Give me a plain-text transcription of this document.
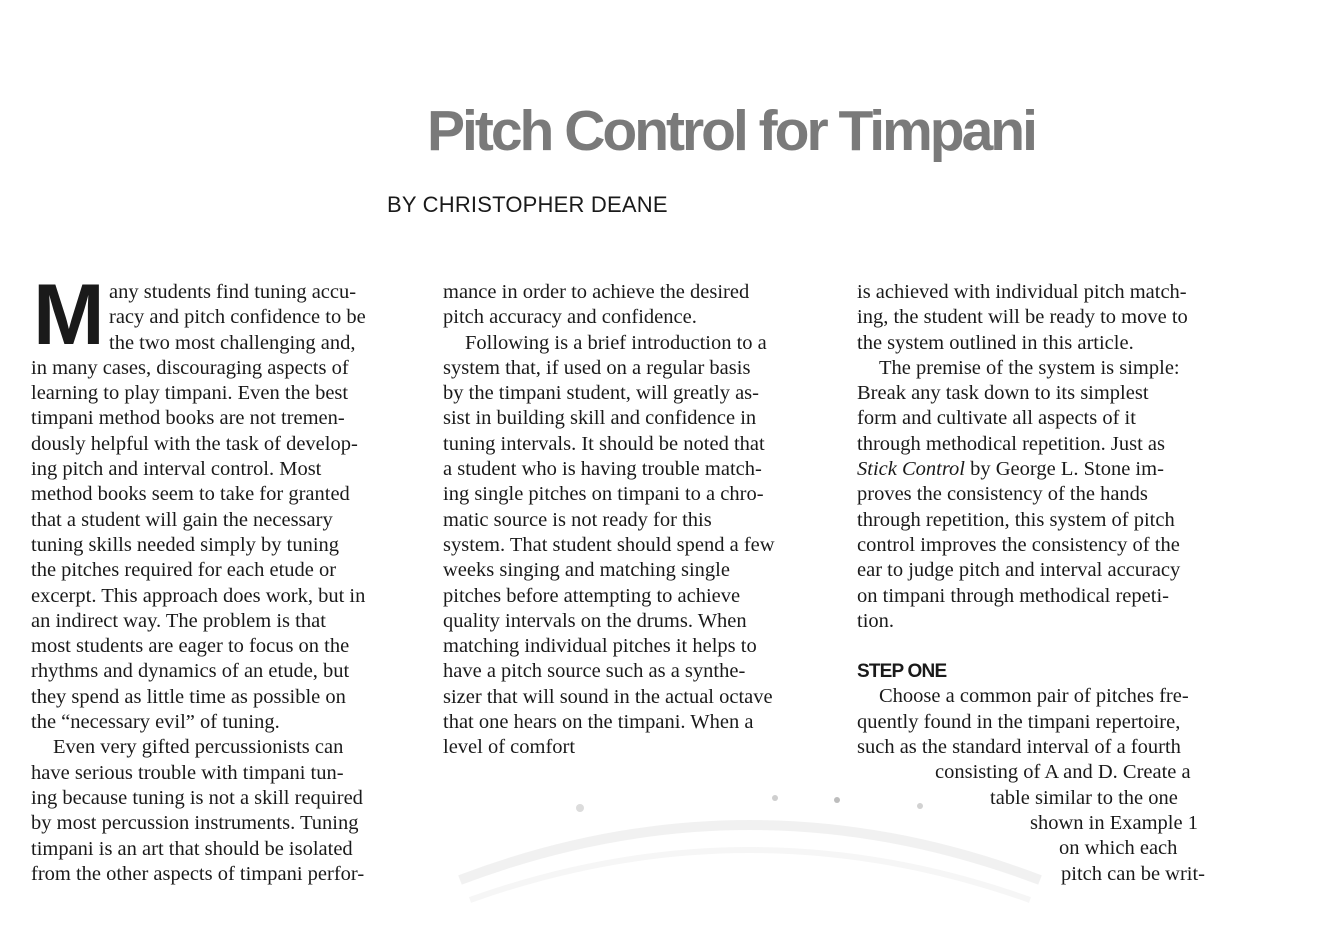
Pitch Control for Timpani
BY CHRISTOPHER DEANE
M any students find tuning accu-
racy and pitch confidence to be
the two most challenging and,
in many cases, discouraging aspects of
learning to play timpani. Even the best
timpani method books are not tremen-
dously helpful with the task of develop-
ing pitch and interval control. Most
method books seem to take for granted
that a student will gain the necessary
tuning skills needed simply by tuning
the pitches required for each etude or
excerpt. This approach does work, but in
an indirect way. The problem is that
most students are eager to focus on the
rhythms and dynamics of an etude, but
they spend as little time as possible on
the “necessary evil” of tuning.
Even very gifted percussionists can
have serious trouble with timpani tun-
ing because tuning is not a skill required
by most percussion instruments. Tuning
timpani is an art that should be isolated
from the other aspects of timpani perfor-
mance in order to achieve the desired
pitch accuracy and confidence.
Following is a brief introduction to a
system that, if used on a regular basis
by the timpani student, will greatly as-
sist in building skill and confidence in
tuning intervals. It should be noted that
a student who is having trouble match-
ing single pitches on timpani to a chro-
matic source is not ready for this
system. That student should spend a few
weeks singing and matching single
pitches before attempting to achieve
quality intervals on the drums. When
matching individual pitches it helps to
have a pitch source such as a synthe-
sizer that will sound in the actual octave
that one hears on the timpani. When a
level of comfort
is achieved with individual pitch match-
ing, the student will be ready to move to
the system outlined in this article.
The premise of the system is simple:
Break any task down to its simplest
form and cultivate all aspects of it
through methodical repetition. Just as
Stick Control by George L. Stone im-
proves the consistency of the hands
through repetition, this system of pitch
control improves the consistency of the
ear to judge pitch and interval accuracy
on timpani through methodical repeti-
tion.
STEP ONE
Choose a common pair of pitches fre-
quently found in the timpani repertoire,
such as the standard interval of a fourth
consisting of A and D. Create a
table similar to the one
shown in Example 1
on which each
pitch can be writ-
